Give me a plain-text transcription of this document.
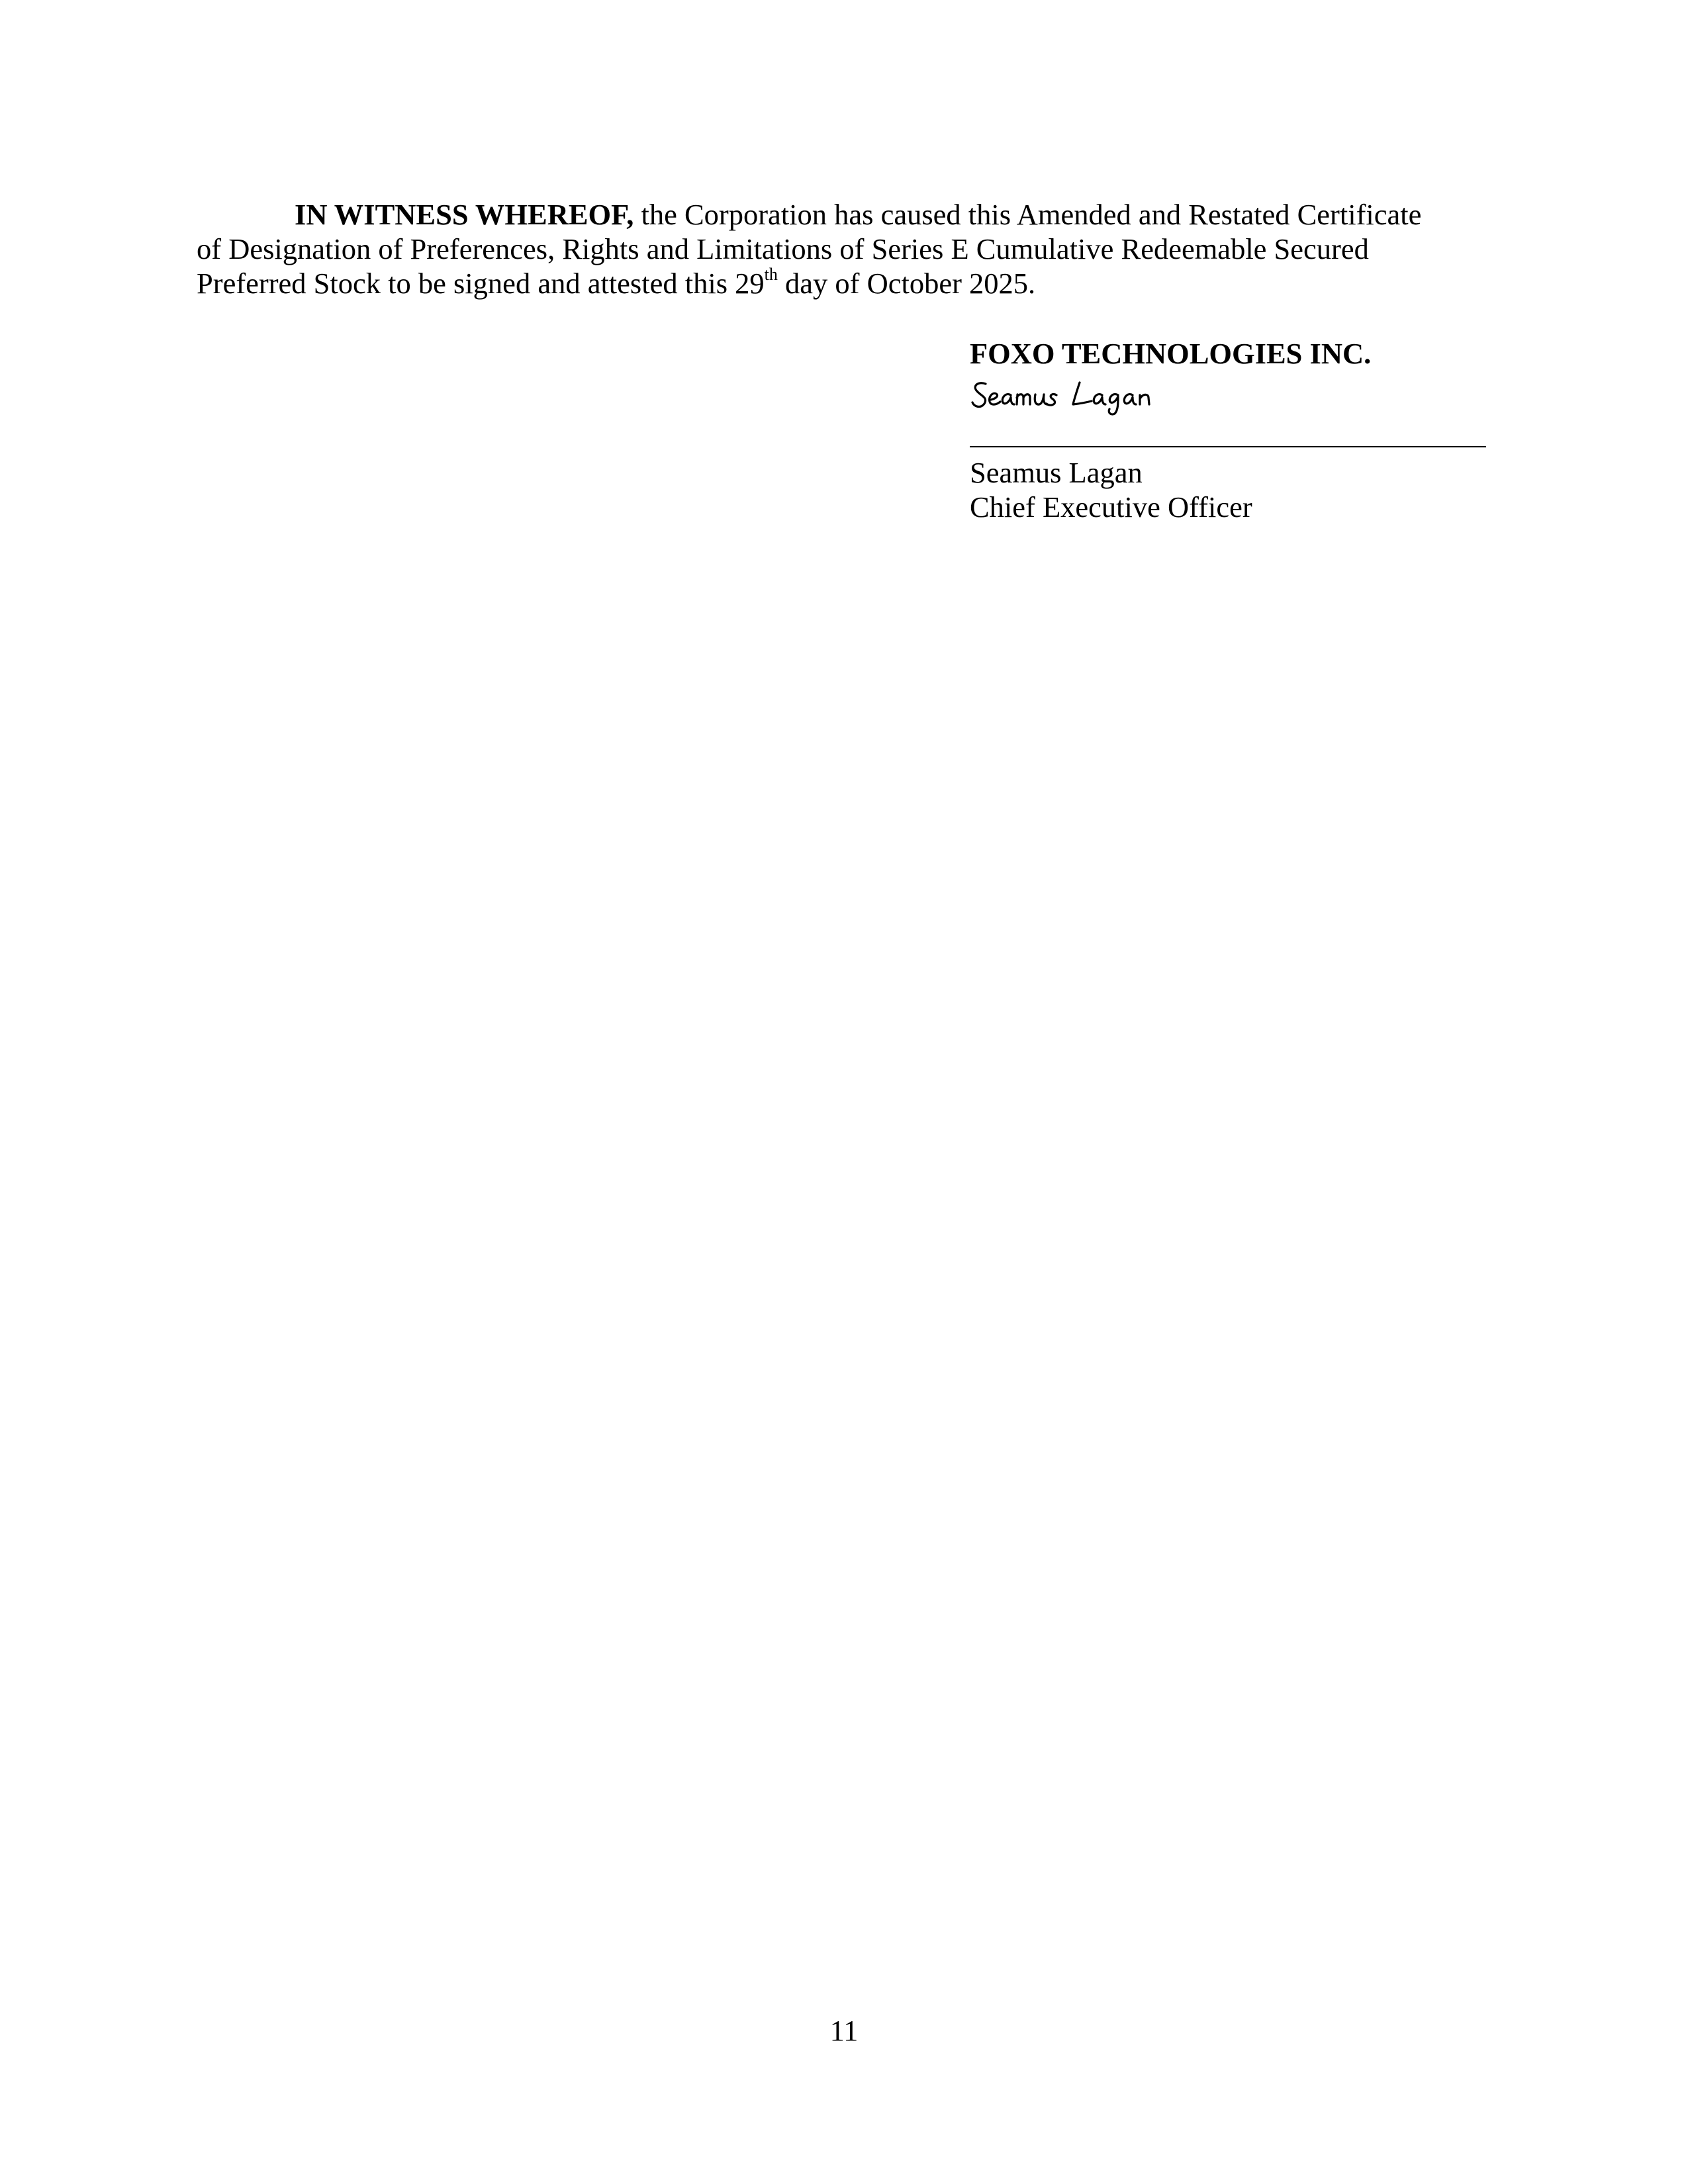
IN WITNESS WHEREOF, the Corporation has caused this Amended and Restated Certificate
of Designation of Preferences, Rights and Limitations of Series E Cumulative Redeemable Secured
Preferred Stock to be signed and attested this 29th day of October 2025.

FOXO TECHNOLOGIES INC.

Seamus Lagan

Chief Executive Officer

11
